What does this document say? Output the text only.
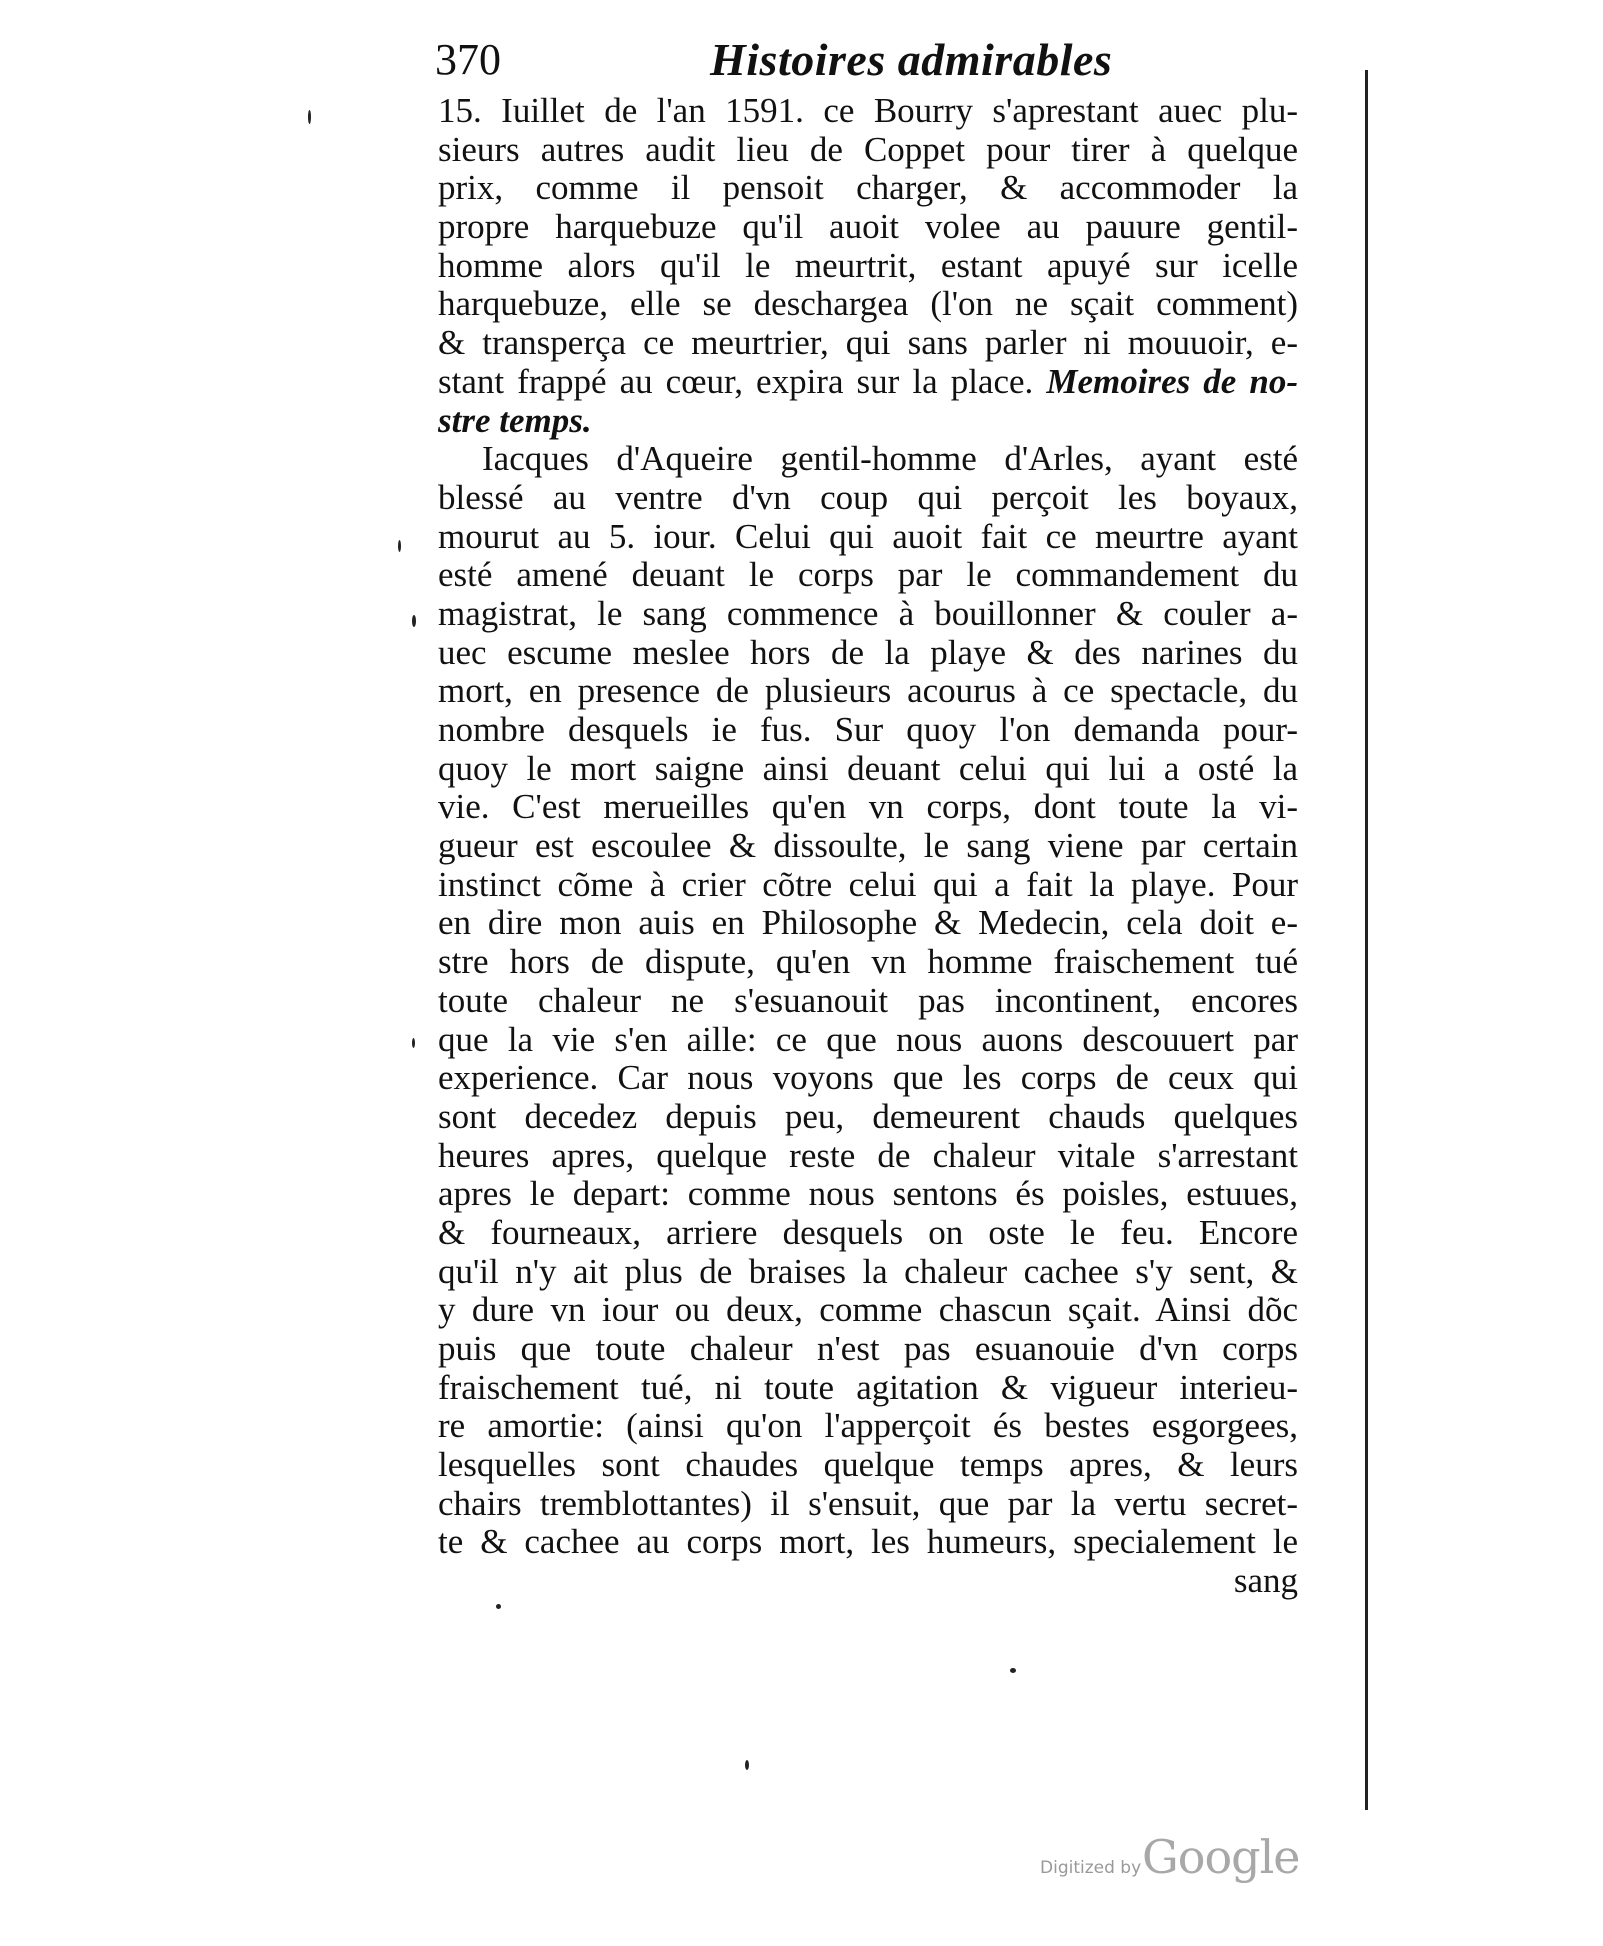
370	Histoires admirables
15. Iuillet de l'an 1591. ce Bourry s'aprestant auec plu-
sieurs autres audit lieu de Coppet pour tirer à quelque
prix, comme il pensoit charger, & accommoder la
propre harquebuze qu'il auoit volee au pauure gentil-
homme alors qu'il le meurtrit, estant apuyé sur icelle
harquebuze, elle se deschargea (l'on ne sçait comment)
& transperça ce meurtrier, qui sans parler ni mouuoir, e-
stant frappé au cœur, expira sur la place. Memoires de no-
stre temps.
Iacques d'Aqueire gentil-homme d'Arles, ayant esté
blessé au ventre d'vn coup qui perçoit les boyaux,
mourut au 5. iour. Celui qui auoit fait ce meurtre ayant
esté amené deuant le corps par le commandement du
magistrat, le sang commence à bouillonner & couler a-
uec escume meslee hors de la playe & des narines du
mort, en presence de plusieurs acourus à ce spectacle, du
nombre desquels ie fus. Sur quoy l'on demanda pour-
quoy le mort saigne ainsi deuant celui qui lui a osté la
vie. C'est merueilles qu'en vn corps, dont toute la vi-
gueur est escoulee & dissoulte, le sang viene par certain
instinct cõme à crier cõtre celui qui a fait la playe. Pour
en dire mon auis en Philosophe & Medecin, cela doit e-
stre hors de dispute, qu'en vn homme fraischement tué
toute chaleur ne s'esuanouit pas incontinent, encores
que la vie s'en aille: ce que nous auons descouuert par
experience. Car nous voyons que les corps de ceux qui
sont decedez depuis peu, demeurent chauds quelques
heures apres, quelque reste de chaleur vitale s'arrestant
apres le depart: comme nous sentons és poisles, estuues,
& fourneaux, arriere desquels on oste le feu. Encore
qu'il n'y ait plus de braises la chaleur cachee s'y sent, &
y dure vn iour ou deux, comme chascun sçait. Ainsi dõc
puis que toute chaleur n'est pas esuanouie d'vn corps
fraischement tué, ni toute agitation & vigueur interieu-
re amortie: (ainsi qu'on l'apperçoit és bestes esgorgees,
lesquelles sont chaudes quelque temps apres, & leurs
chairs tremblottantes) il s'ensuit, que par la vertu secret-
te & cachee au corps mort, les humeurs, specialement le
sang
Digitized by Google
